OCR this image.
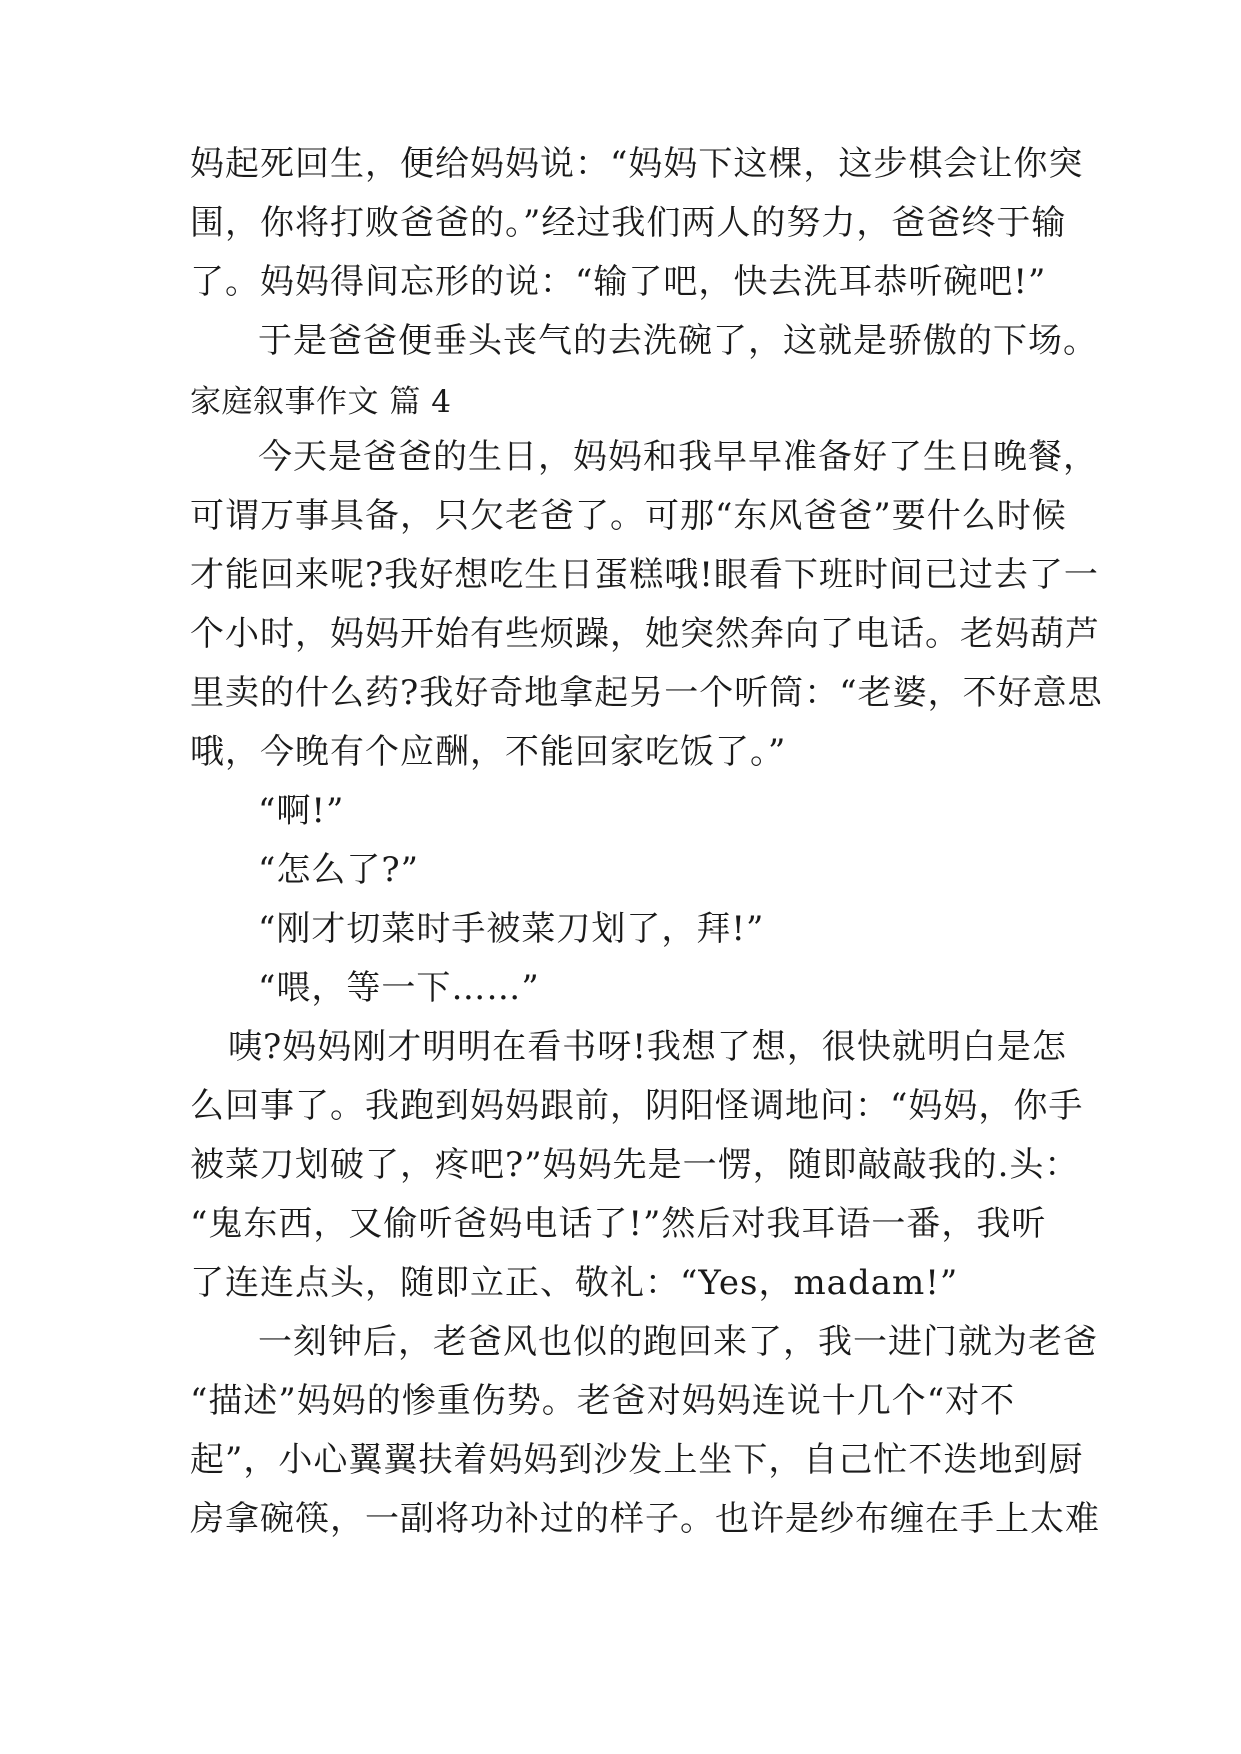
妈起死回生，便给妈妈说：“妈妈下这棵，这步棋会让你突
围，你将打败爸爸的。”经过我们两人的努力，爸爸终于输
了。妈妈得间忘形的说：“输了吧，快去洗耳恭听碗吧!”
于是爸爸便垂头丧气的去洗碗了，这就是骄傲的下场。
家庭叙事作文 篇 4
今天是爸爸的生日，妈妈和我早早准备好了生日晚餐，
可谓万事具备，只欠老爸了。可那“东风爸爸”要什么时候
才能回来呢?我好想吃生日蛋糕哦!眼看下班时间已过去了一
个小时，妈妈开始有些烦躁，她突然奔向了电话。老妈葫芦
里卖的什么药?我好奇地拿起另一个听筒：“老婆，不好意思
哦，今晚有个应酬，不能回家吃饭了。”
“啊!”
“怎么了?”
“刚才切菜时手被菜刀划了，拜!”
“喂，等一下……”
咦?妈妈刚才明明在看书呀!我想了想，很快就明白是怎
么回事了。我跑到妈妈跟前，阴阳怪调地问：“妈妈，你手
被菜刀划破了，疼吧?”妈妈先是一愣，随即敲敲我的.头：
“鬼东西，又偷听爸妈电话了!”然后对我耳语一番，我听
了连连点头，随即立正、敬礼：“Yes，madam!”
一刻钟后，老爸风也似的跑回来了，我一进门就为老爸
“描述”妈妈的惨重伤势。老爸对妈妈连说十几个“对不
起”，小心翼翼扶着妈妈到沙发上坐下，自己忙不迭地到厨
房拿碗筷，一副将功补过的样子。也许是纱布缠在手上太难
